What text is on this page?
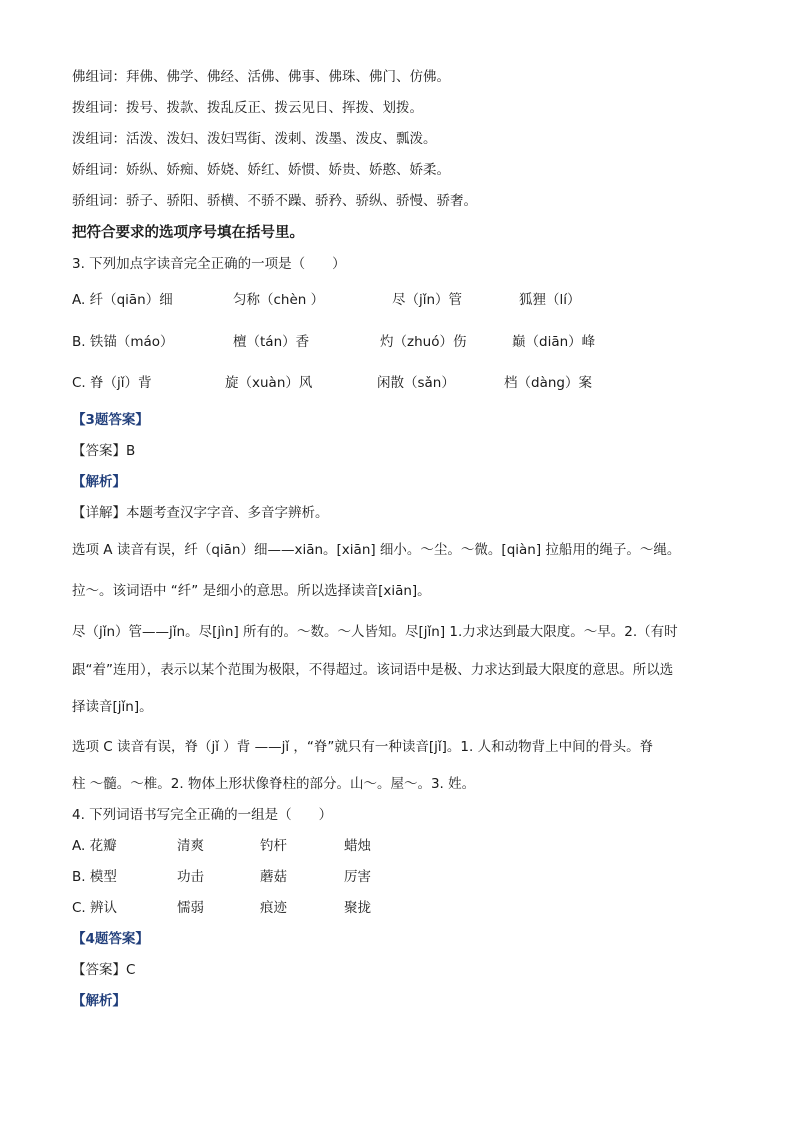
佛组词：拜佛、佛学、佛经、活佛、佛事、佛珠、佛门、仿佛。
拨组词：拨号、拨款、拨乱反正、拨云见日、挥拨、划拨。
泼组词：活泼、泼妇、泼妇骂街、泼刺、泼墨、泼皮、瓢泼。
娇组词：娇纵、娇痴、娇娆、娇红、娇惯、娇贵、娇憨、娇柔。
骄组词：骄子、骄阳、骄横、不骄不躁、骄矜、骄纵、骄慢、骄奢。
把符合要求的选项序号填在括号里。
3. 下列加点字读音完全正确的一项是（　　）
A. 纤（qiān）细	匀称（chèn ）	尽（jǐn）管	狐狸（lí）
B. 铁锚（máo）	檀（tán）香	灼（zhuó）伤	巅（diān）峰
C. 脊（jǐ）背	旋（xuàn）风	闲散（sǎn）	档（dàng）案
【3题答案】
【答案】B
【解析】
【详解】本题考查汉字字音、多音字辨析。
选项 A 读音有误，纤（qiān）细——xiān。[xiān] 细小。～尘。～微。[qiàn] 拉船用的绳子。～绳。
拉～。该词语中 “纤” 是细小的意思。所以选择读音[xiān]。
尽（jǐn）管——jǐn。尽[jìn] 所有的。～数。～人皆知。尽[jǐn] 1.力求达到最大限度。～早。2.（有时
跟“着”连用），表示以某个范围为极限，不得超过。该词语中是极、力求达到最大限度的意思。所以选
择读音[jǐn]。
选项 C 读音有误，脊（jǐ ）背 ——jǐ ，“脊”就只有一种读音[jǐ]。1. 人和动物背上中间的骨头。脊
柱 ～髓。～椎。2. 物体上形状像脊柱的部分。山～。屋～。3. 姓。
4. 下列词语书写完全正确的一组是（　　）
A. 花瓣	清爽	钓杆	蜡烛
B. 模型	功击	蘑菇	厉害
C. 辨认	懦弱	痕迹	聚拢
【4题答案】
【答案】C
【解析】
